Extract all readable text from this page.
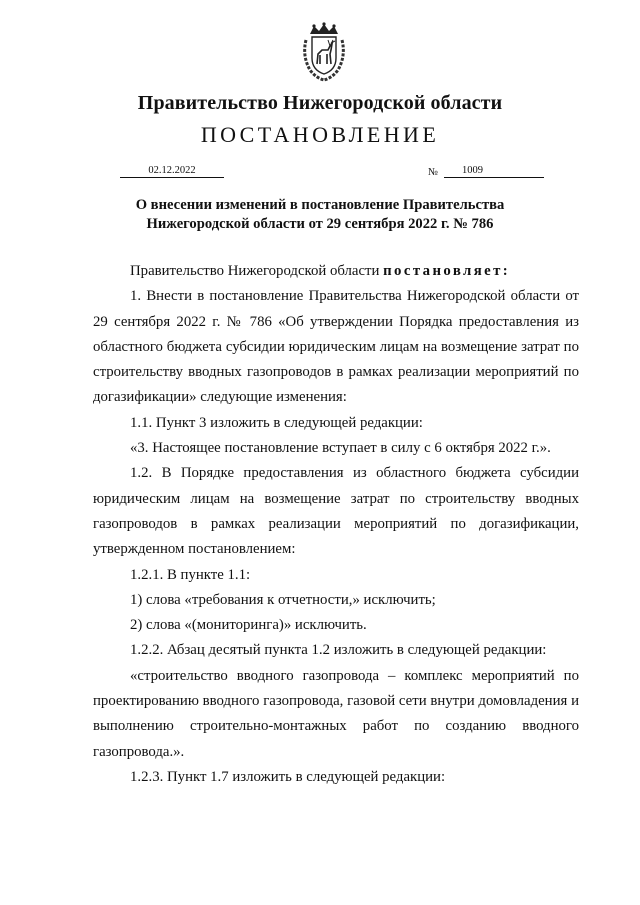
Правительство Нижегородской области
ПОСТАНОВЛЕНИЕ
02.12.2022	№	1009
О внесении изменений в постановление Правительства
Нижегородской области от 29 сентября 2022 г. № 786

Правительство Нижегородской области постановляет:

1. Внести в постановление Правительства Нижегородской области от 29 сентября 2022 г. № 786 «Об утверждении Порядка предоставления из областного бюджета субсидии юридическим лицам на возмещение затрат по строительству вводных газопроводов в рамках реализации мероприятий по догазификации» следующие изменения:

1.1. Пункт 3 изложить в следующей редакции:

«3. Настоящее постановление вступает в силу с 6 октября 2022 г.».

1.2. В Порядке предоставления из областного бюджета субсидии юридическим лицам на возмещение затрат по строительству вводных газопроводов в рамках реализации мероприятий по догазификации, утвержденном постановлением:

1.2.1. В пункте 1.1:

1) слова «требования к отчетности,» исключить;

2) слова «(мониторинга)» исключить.

1.2.2. Абзац десятый пункта 1.2 изложить в следующей редакции:

«строительство вводного газопровода – комплекс мероприятий по проектированию вводного газопровода, газовой сети внутри домовладения и выполнению строительно-монтажных работ по созданию вводного газопровода.».

1.2.3. Пункт 1.7 изложить в следующей редакции:
